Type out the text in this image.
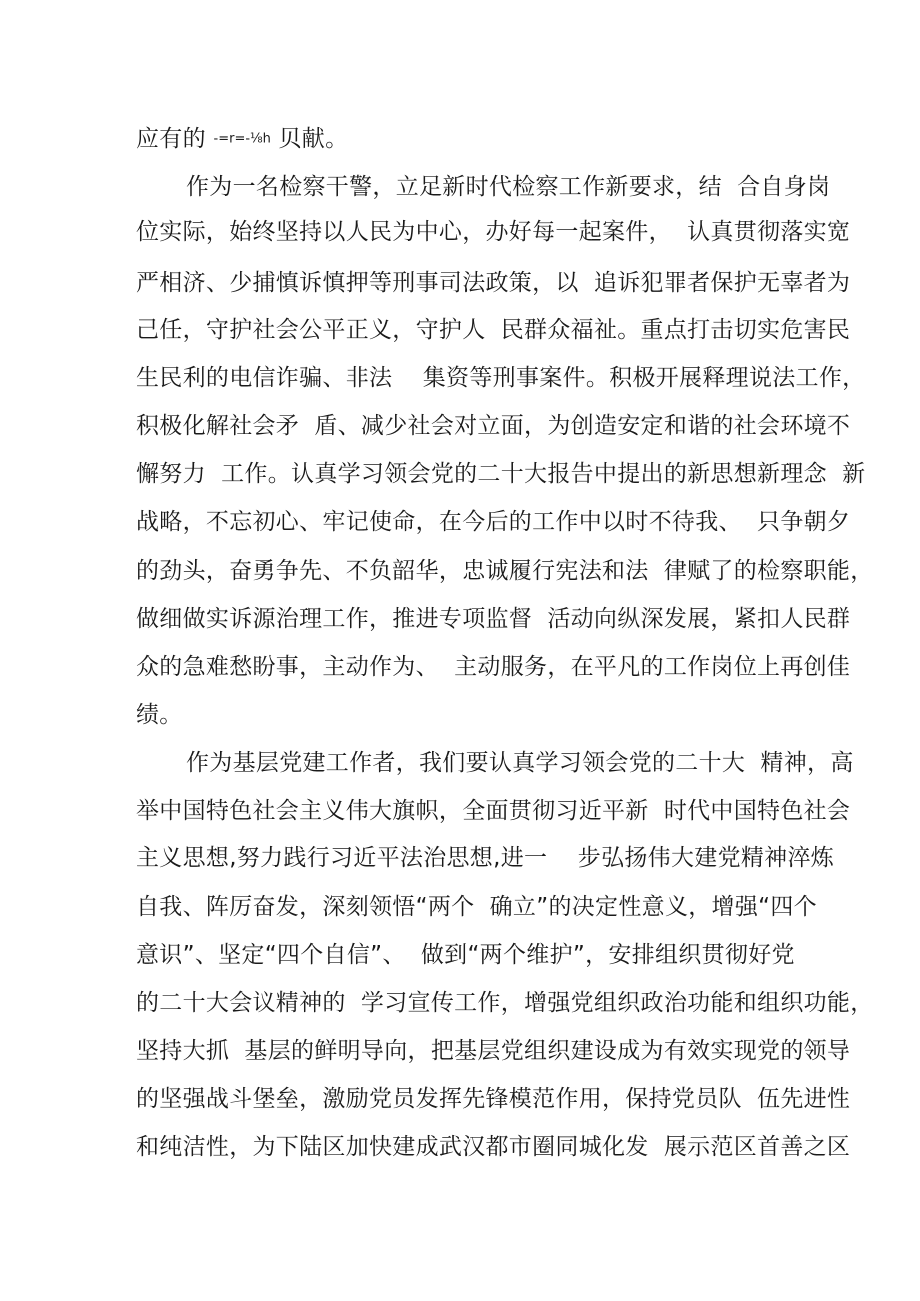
应有的 -=r=-⅛h 贝献。
作为一名检察干警，立足新时代检察工作新要求，结  合自身岗
位实际，始终坚持以人民为中心，办好每一起案件，  认真贯彻落实宽
严相济、少捕慎诉慎押等刑事司法政策，以  追诉犯罪者保护无辜者为
己任，守护社会公平正义，守护人  民群众福祉。重点打击切实危害民
生民利的电信诈骗、非法    集资等刑事案件。积极开展释理说法工作，
积极化解社会矛  盾、减少社会对立面，为创造安定和谐的社会环境不
懈努力  工作。认真学习领会党的二十大报告中提出的新思想新理念  新
战略，不忘初心、牢记使命，在今后的工作中以时不待我、  只争朝夕
的劲头，奋勇争先、不负韶华，忠诚履行宪法和法  律赋了的检察职能，
做细做实诉源治理工作，推进专项监督  活动向纵深发展，紧扣人民群
众的急难愁盼事，主动作为、  主动服务，在平凡的工作岗位上再创佳
绩。
作为基层党建工作者，我们要认真学习领会党的二十大  精神，高
举中国特色社会主义伟大旗帜，全面贯彻习近平新  时代中国特色社会
主义思想,努力践行习近平法治思想,进一    步弘扬伟大建党精神淬炼
自我、阵厉奋发，深刻领悟“两个  确立”的决定性意义，增强“四个
意识”、坚定“四个自信”、  做到“两个维护”，安排组织贯彻好党
的二十大会议精神的  学习宣传工作，增强党组织政治功能和组织功能，
坚持大抓  基层的鲜明导向，把基层党组织建设成为有效实现党的领导
的坚强战斗堡垒，激励党员发挥先锋模范作用，保持党员队  伍先进性
和纯洁性，为下陆区加快建成武汉都市圈同城化发  展示范区首善之区
